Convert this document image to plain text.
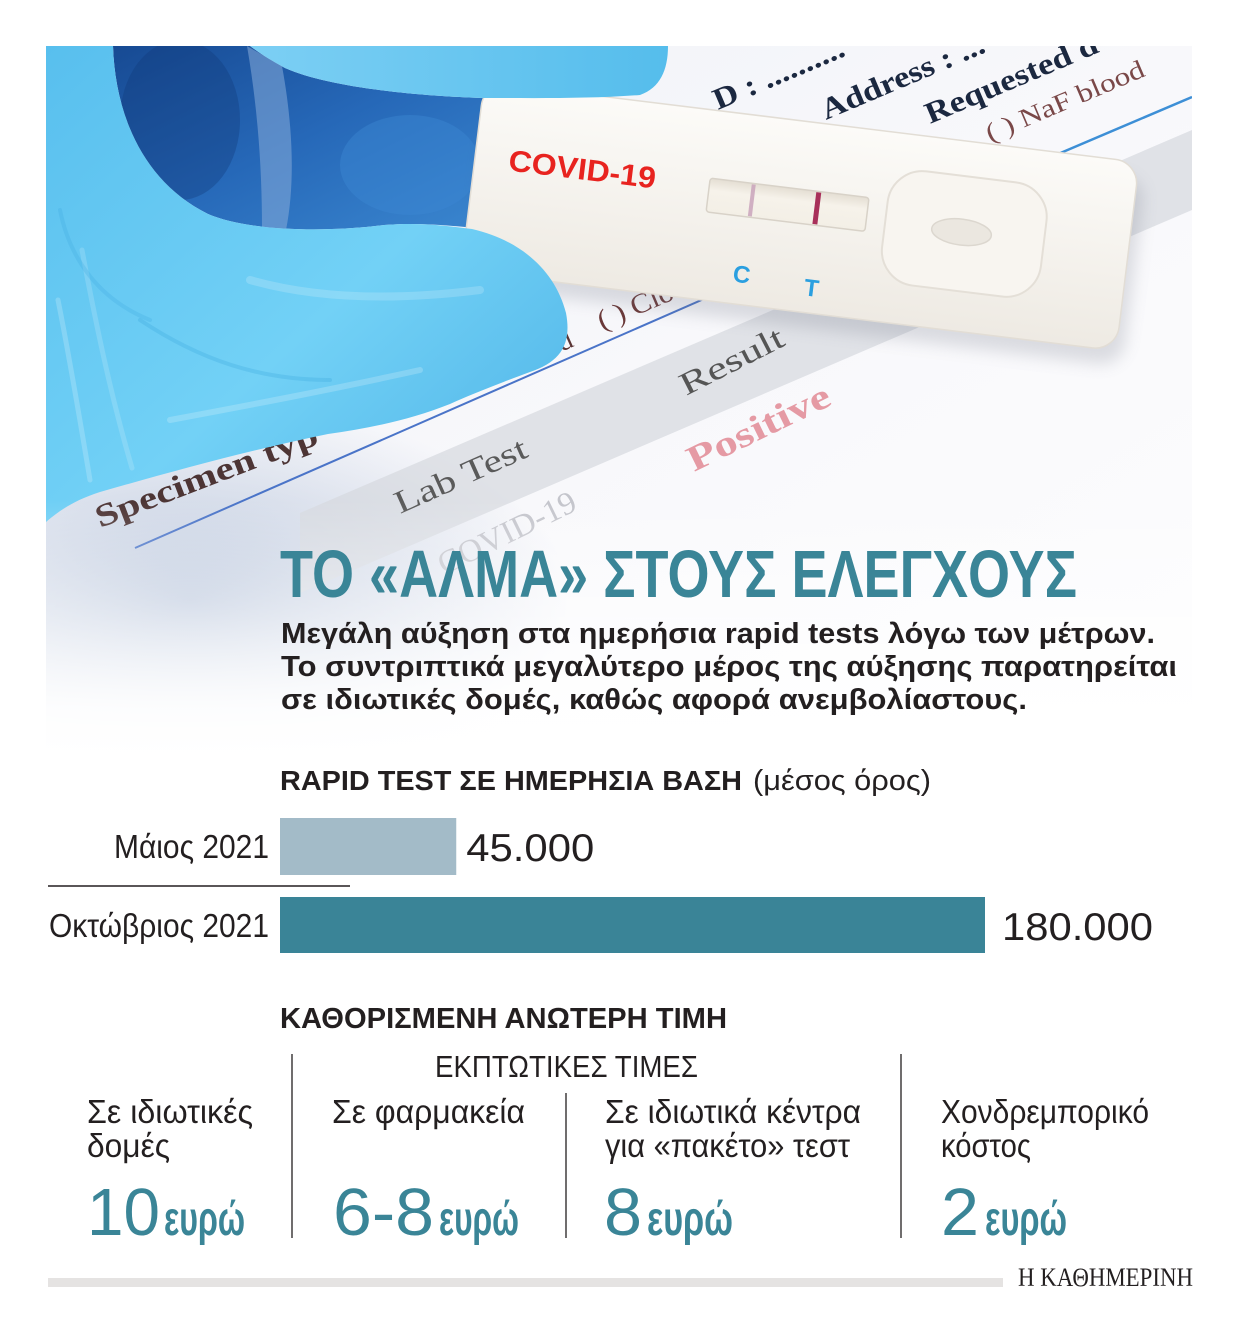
ΤΟ «ΑΛΜΑ» ΣΤΟΥΣ ΕΛΕΓΧΟΥΣ
Μεγάλη αύξηση στα ημερήσια rapid tests λόγω των μέτρων.
Το συντριπτικά μεγαλύτερο μέρος της αύξησης παρατηρείται
σε ιδιωτικές δομές, καθώς αφορά ανεμβολίαστους.
RAPID TEST ΣΕ ΗΜΕΡΗΣΙΑ ΒΑΣΗ (μέσος όρος)
Μάιος 2021	45.000
Οκτώβριος 2021	180.000
ΚΑΘΟΡΙΣΜΕΝΗ ΑΝΩΤΕΡΗ ΤΙΜΗ
ΕΚΠΤΩΤΙΚΕΣ ΤΙΜΕΣ
Σε ιδιωτικές
δομές
10 ευρώ
Σε φαρμακεία
6-8 ευρώ
Σε ιδιωτικά κέντρα
για «πακέτο» τεστ
8 ευρώ
Χονδρεμπορικό
κόστος
2 ευρώ
Η ΚΑΘΗΜΕΡΙΝΗ
